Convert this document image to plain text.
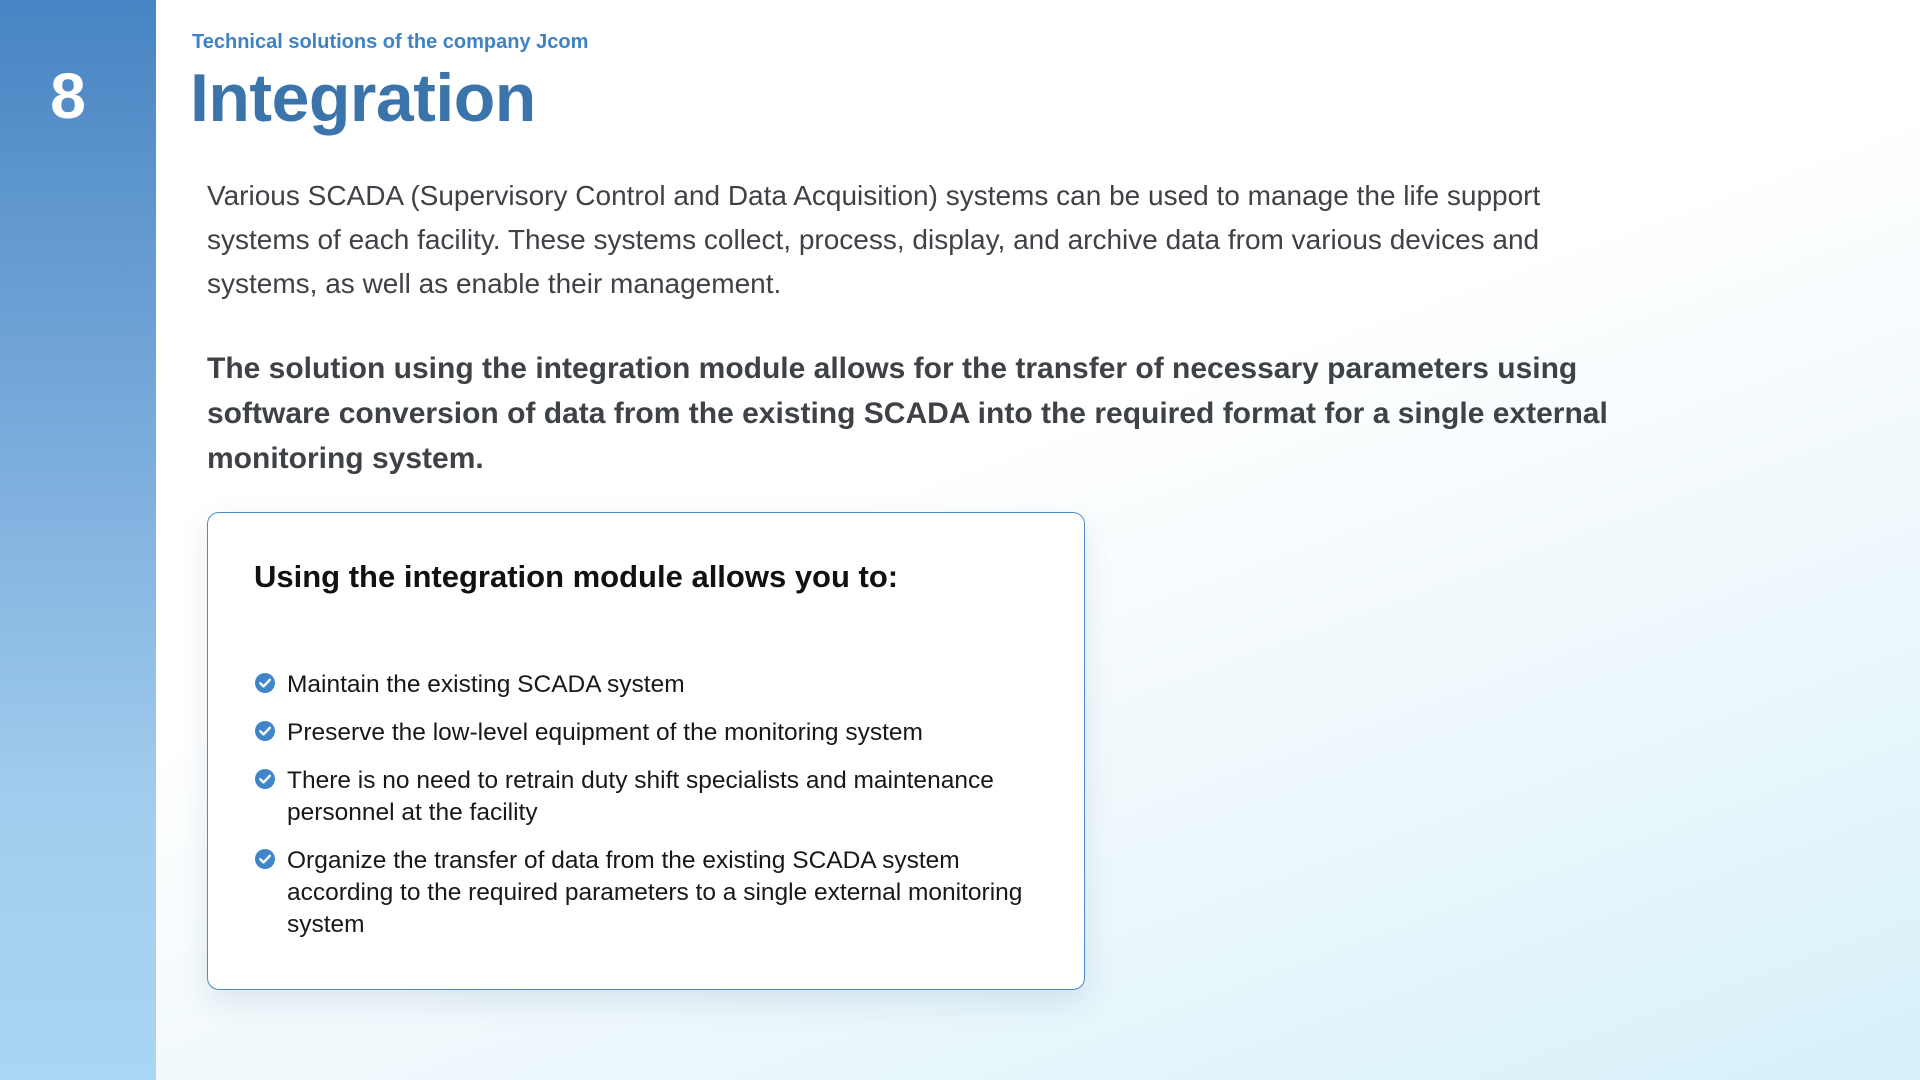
8
Technical solutions of the company Jcom
Integration

Various SCADA (Supervisory Control and Data Acquisition) systems can be used to manage the life support systems of each facility. These systems collect, process, display, and archive data from various devices and systems, as well as enable their management.

The solution using the integration module allows for the transfer of necessary parameters using software conversion of data from the existing SCADA into the required format for a single external monitoring system.

Using the integration module allows you to:
Maintain the existing SCADA system
Preserve the low-level equipment of the monitoring system
There is no need to retrain duty shift specialists and maintenance personnel at the facility
Organize the transfer of data from the existing SCADA system according to the required parameters to a single external monitoring system
